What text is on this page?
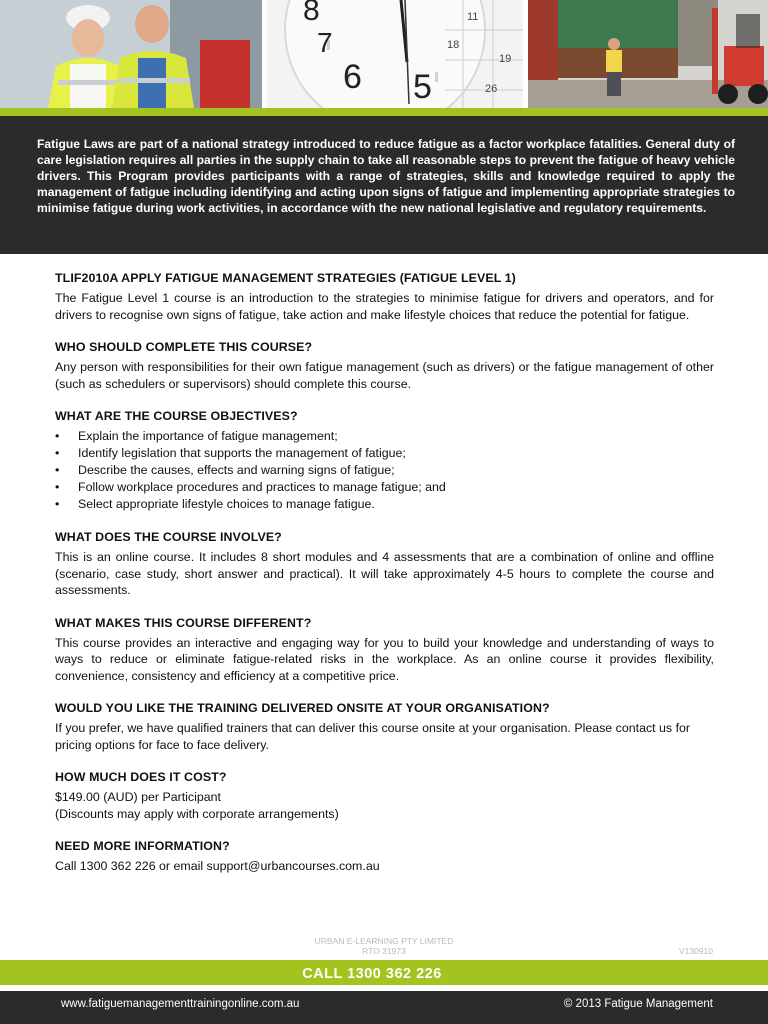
8
7
6 5
11
18
19
26

Fatigue Laws are part of a national strategy introduced to reduce fatigue as a factor workplace fatalities. General duty of care legislation requires all parties in the supply chain to take all reasonable steps to prevent the fatigue of heavy vehicle drivers. This Program provides participants with a range of strategies, skills and knowledge required to apply the management of fatigue including identifying and acting upon signs of fatigue and implementing appropriate strategies to minimise fatigue during work activities, in accordance with the new national legislative and regulatory requirements.

TLIF2010A APPLY FATIGUE MANAGEMENT STRATEGIES (FATIGUE LEVEL 1)

The Fatigue Level 1 course is an introduction to the strategies to minimise fatigue for drivers and operators, and for drivers to recognise own signs of fatigue, take action and make lifestyle choices that reduce the potential for fatigue.

WHO SHOULD COMPLETE THIS COURSE?

Any person with responsibilities for their own fatigue management (such as drivers) or the fatigue management of other (such as schedulers or supervisors) should complete this course.

WHAT ARE THE COURSE OBJECTIVES?
• Explain the importance of fatigue management;
• Identify legislation that supports the management of fatigue;
• Describe the causes, effects and warning signs of fatigue;
• Follow workplace procedures and practices to manage fatigue; and
• Select appropriate lifestyle choices to manage fatigue.
WHAT DOES THE COURSE INVOLVE?

This is an online course. It includes 8 short modules and 4 assessments that are a combination of online and offline (scenario, case study, short answer and practical). It will take approximately 4-5 hours to complete the course and assessments.

WHAT MAKES THIS COURSE DIFFERENT?

This course provides an interactive and engaging way for you to build your knowledge and understanding of ways to ways to reduce or eliminate fatigue-related risks in the workplace. As an online course it provides flexibility, convenience, consistency and efficiency at a competitive price.

WOULD YOU LIKE THE TRAINING DELIVERED ONSITE AT YOUR ORGANISATION?

If you prefer, we have qualified trainers that can deliver this course onsite at your organisation. Please contact us for pricing options for face to face delivery.

HOW MUCH DOES IT COST?

$149.00 (AUD) per Participant

(Discounts may apply with corporate arrangements)

NEED MORE INFORMATION?

Call 1300 362 226 or email support@urbancourses.com.au

URBAN E-LEARNING PTY LIMITED
RTO 31973	V130910
CALL 1300 362 226
www.fatiguemanagementtrainingonline.com.au	© 2013 Fatigue Management
